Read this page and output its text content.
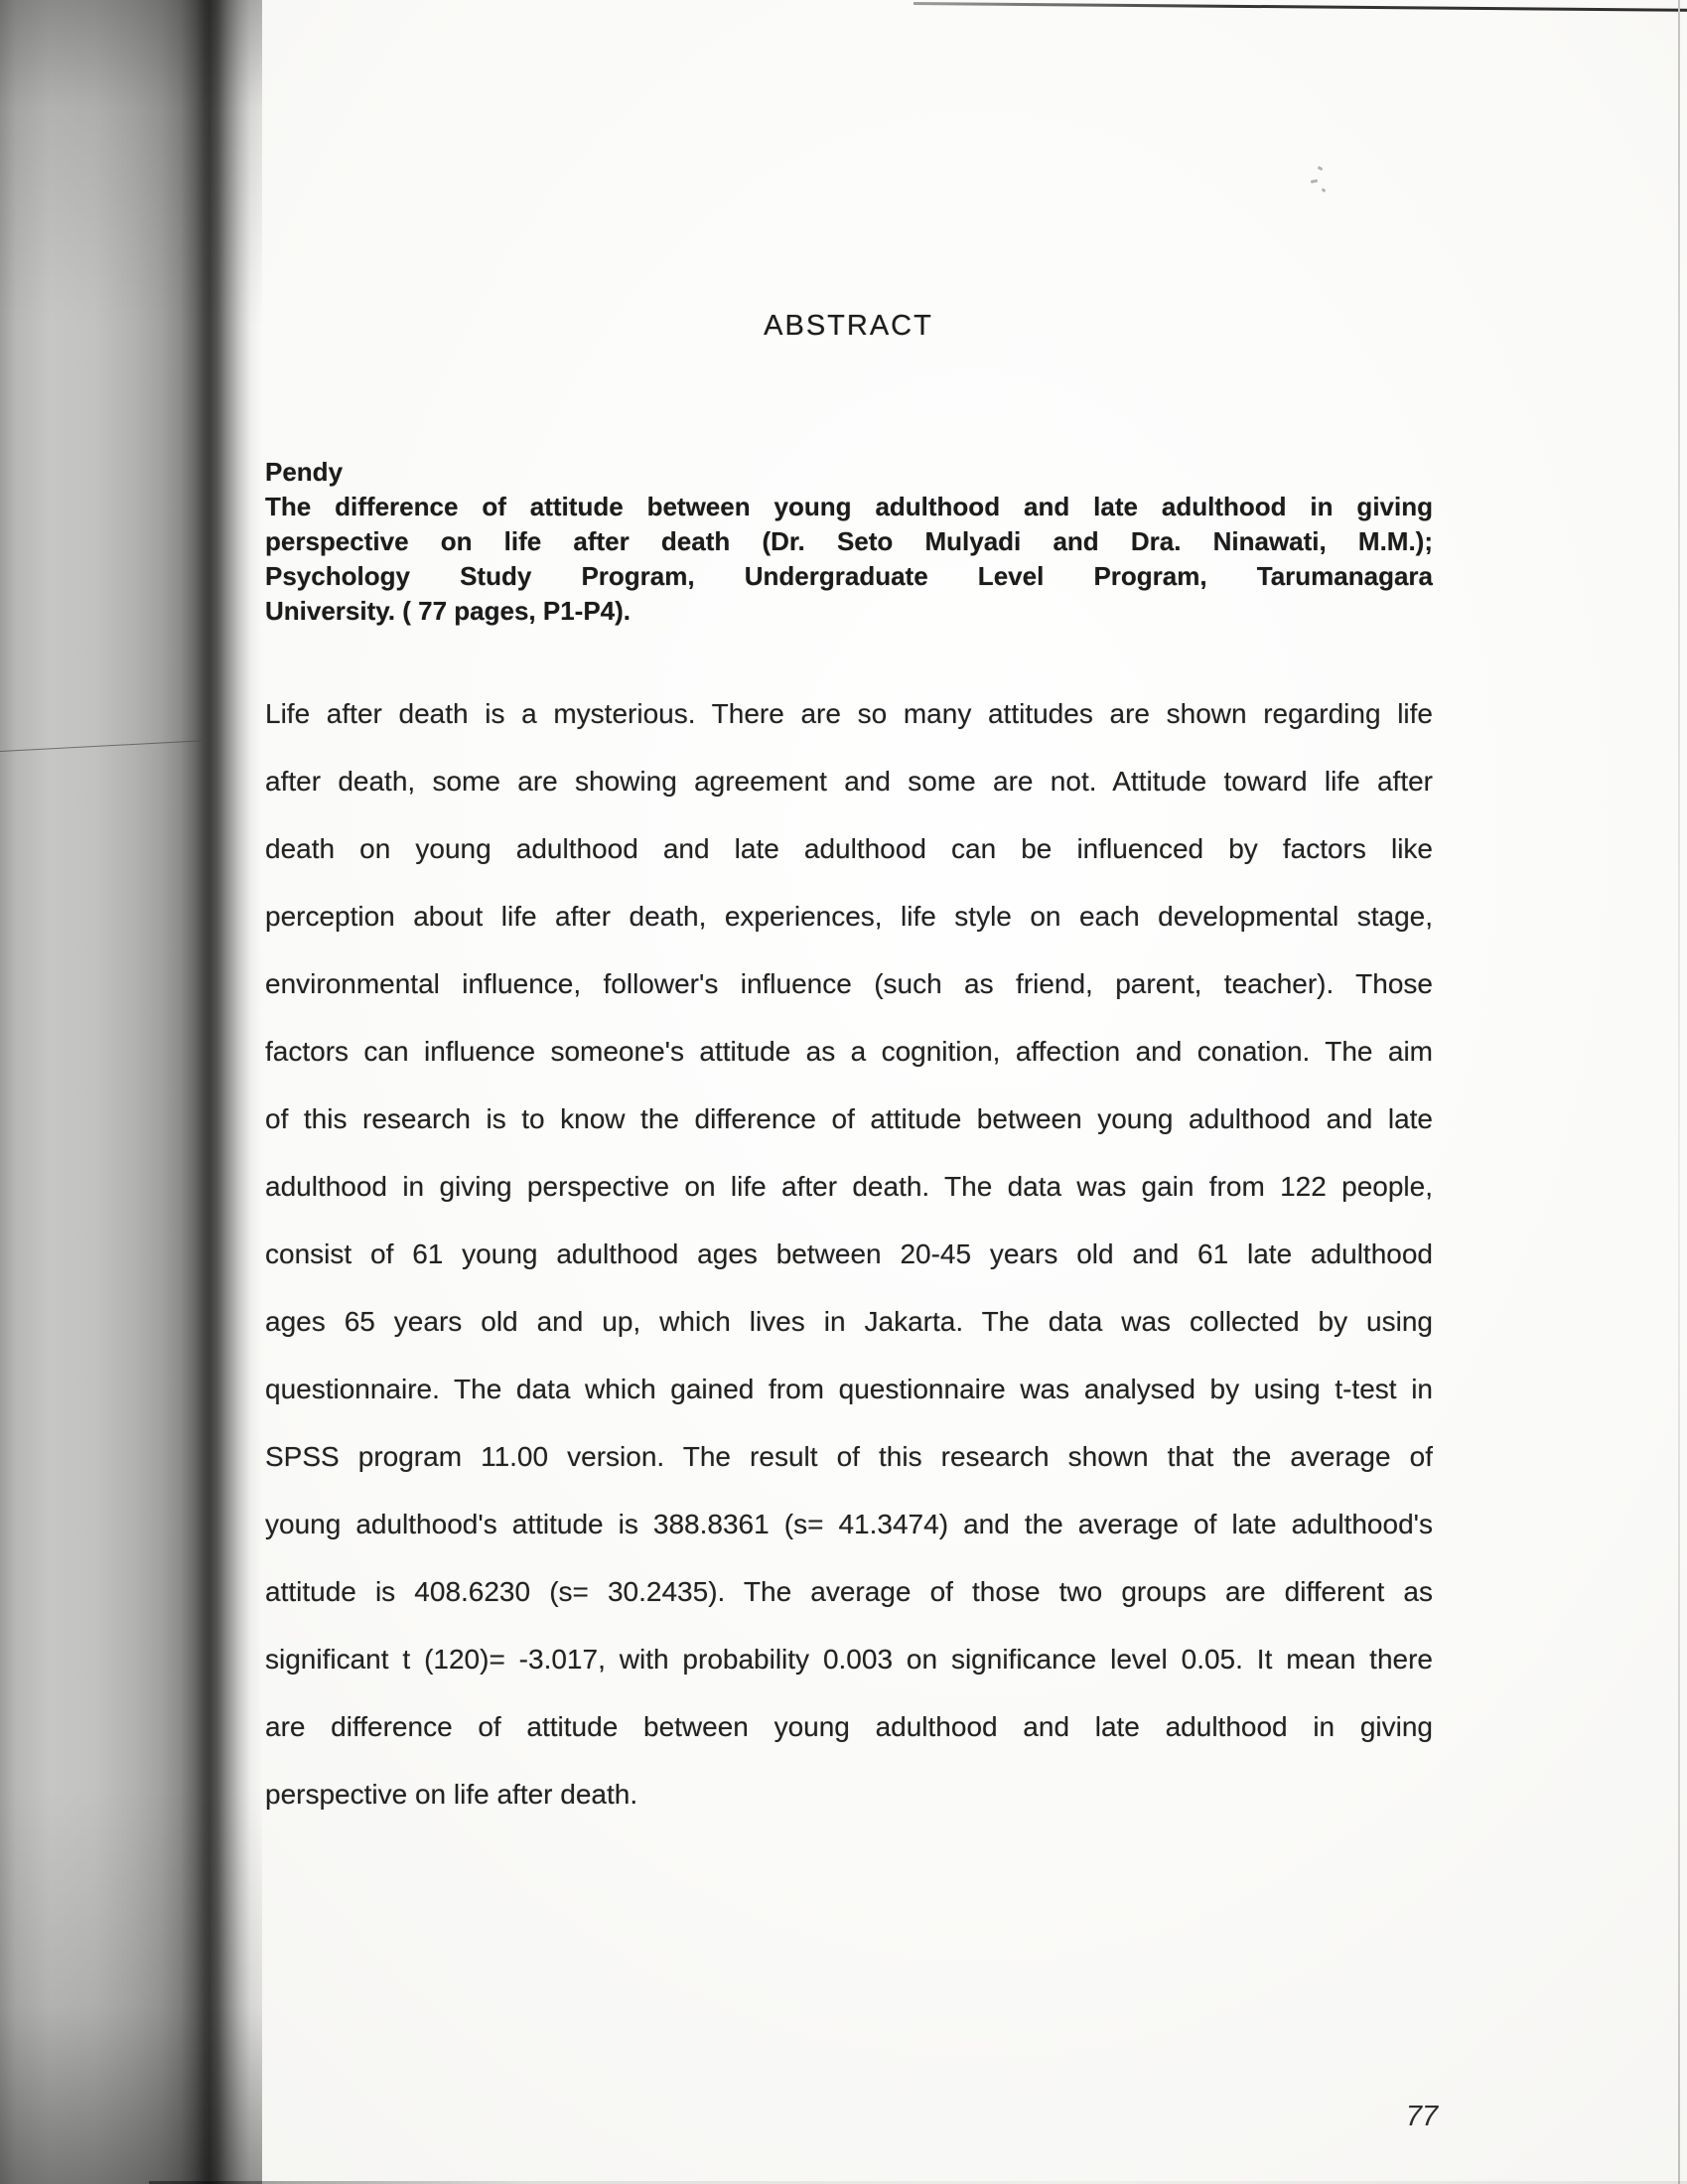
ABSTRACT
Pendy
The difference of attitude between young adulthood and late adulthood in giving
perspective on life after death (Dr. Seto Mulyadi and Dra. Ninawati, M.M.);
Psychology Study Program, Undergraduate Level Program, Tarumanagara
University. ( 77 pages, P1-P4).
Life after death is a mysterious. There are so many attitudes are shown regarding life
after death, some are showing agreement and some are not. Attitude toward life after
death on young adulthood and late adulthood can be influenced by factors like
perception about life after death, experiences, life style on each developmental stage,
environmental influence, follower's influence (such as friend, parent, teacher). Those
factors can influence someone's attitude as a cognition, affection and conation. The aim
of this research is to know the difference of attitude between young adulthood and late
adulthood in giving perspective on life after death. The data was gain from 122 people,
consist of 61 young adulthood ages between 20-45 years old and 61 late adulthood
ages 65 years old and up, which lives in Jakarta. The data was collected by using
questionnaire. The data which gained from questionnaire was analysed by using t-test in
SPSS program 11.00 version. The result of this research shown that the average of
young adulthood's attitude is 388.8361 (s= 41.3474) and the average of late adulthood's
attitude is 408.6230 (s= 30.2435). The average of those two groups are different as
significant t (120)= -3.017, with probability 0.003 on significance level 0.05. It mean there
are difference of attitude between young adulthood and late adulthood in giving
perspective on life after death.
77
